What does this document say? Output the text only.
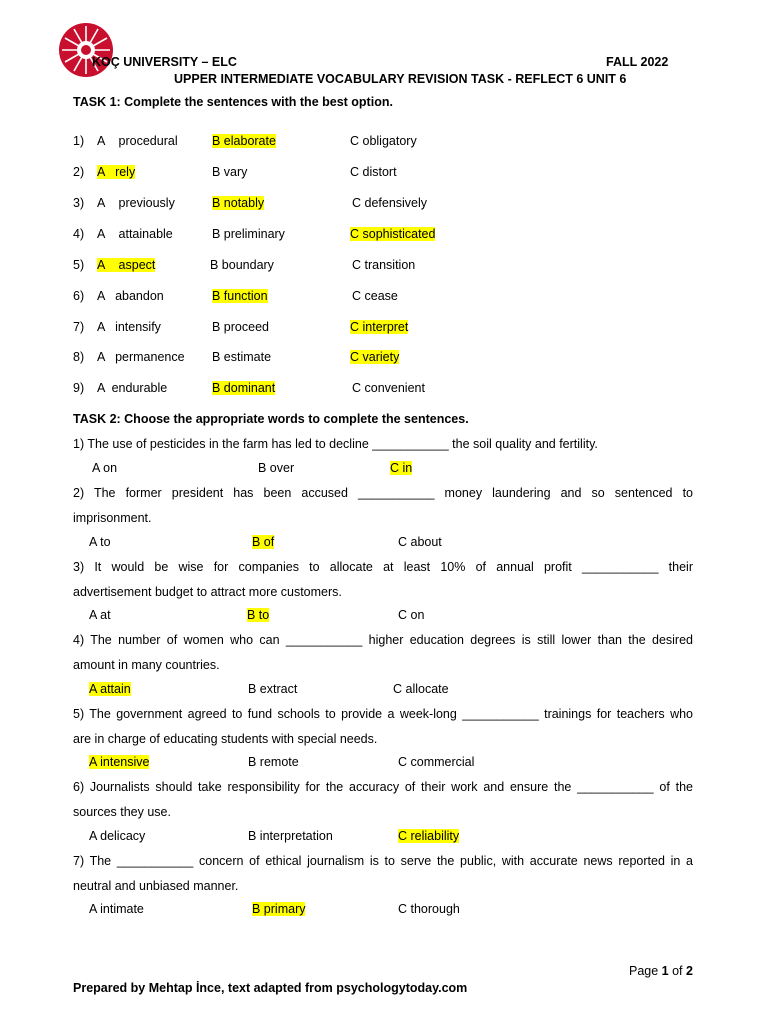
KOÇ UNIVERSITY – ELC	FALL 2022
UPPER INTERMEDIATE VOCABULARY REVISION TASK - REFLECT 6 UNIT 6
TASK 1: Complete the sentences with the best option.
1) A    procedural	B elaborate	C obligatory
2) A   rely	B vary	C distort
3) A    previously	B notably	C defensively
4) A    attainable	B preliminary	C sophisticated
5) A    aspect	B boundary	C transition
6) A   abandon	B function	C cease
7) A   intensify	B proceed	C interpret
8) A   permanence B estimate	C variety
9) A  endurable	B dominant	C convenient
TASK 2: Choose the appropriate words to complete the sentences.
1) The use of pesticides in the farm has led to decline ___________ the soil quality and fertility.
A on	B over	C in
2) The former president has been accused ___________ money laundering and so sentenced to
imprisonment.
A to	B of	C about
3) It would be wise for companies to allocate at least 10% of annual profit ___________ their
advertisement budget to attract more customers.
A at	B to	C on
4) The number of women who can ___________ higher education degrees is still lower than the desired
amount in many countries.
A attain	B extract	C allocate
5) The government agreed to fund schools to provide a week-long ___________ trainings for teachers who
are in charge of educating students with special needs.
A intensive	B remote	C commercial
6) Journalists should take responsibility for the accuracy of their work and ensure the ___________ of the
sources they use.
A delicacy	B interpretation	C reliability
7) The ___________ concern of ethical journalism is to serve the public, with accurate news reported in a
neutral and unbiased manner.
A intimate	B primary	C thorough
Page 1 of 2
Prepared by Mehtap İnce, text adapted from psychologytoday.com
